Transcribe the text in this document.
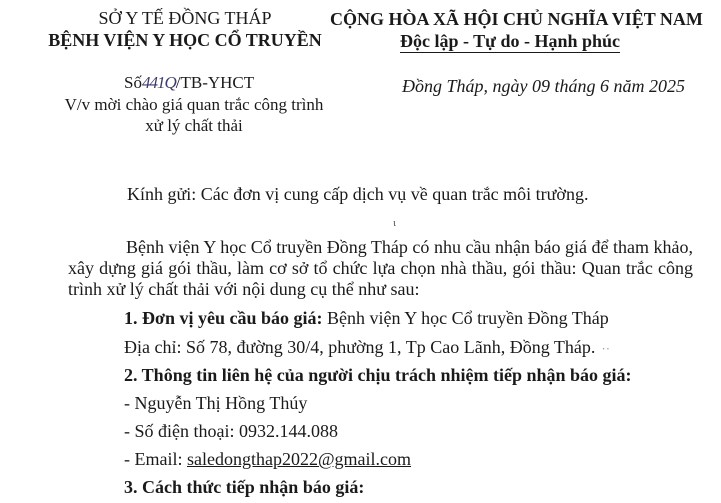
SỞ Y TẾ ĐỒNG THÁP
BỆNH VIỆN Y HỌC CỔ TRUYỀN
CỘNG HÒA XÃ HỘI CHỦ NGHĨA VIỆT NAM
Độc lập - Tự do - Hạnh phúc
Số441Q/TB-YHCT	Đồng Tháp, ngày 09 tháng 6 năm 2025
V/v mời chào giá quan trắc công trình xử lý chất thải
Kính gửi: Các đơn vị cung cấp dịch vụ về quan trắc môi trường.
ι
Bệnh viện Y học Cổ truyền Đồng Tháp có nhu cầu nhận báo giá để tham khảo, xây dựng giá gói thầu, làm cơ sở tổ chức lựa chọn nhà thầu, gói thầu: Quan trắc công trình xử lý chất thải với nội dung cụ thể như sau:
1. Đơn vị yêu cầu báo giá: Bệnh viện Y học Cổ truyền Đồng Tháp
Địa chỉ: Số 78, đường 30/4, phường 1, Tp Cao Lãnh, Đồng Tháp. ··
2. Thông tin liên hệ của người chịu trách nhiệm tiếp nhận báo giá:
- Nguyễn Thị Hồng Thúy
- Số điện thoại: 0932.144.088
- Email: saledongthap2022@gmail.com
3. Cách thức tiếp nhận báo giá:
